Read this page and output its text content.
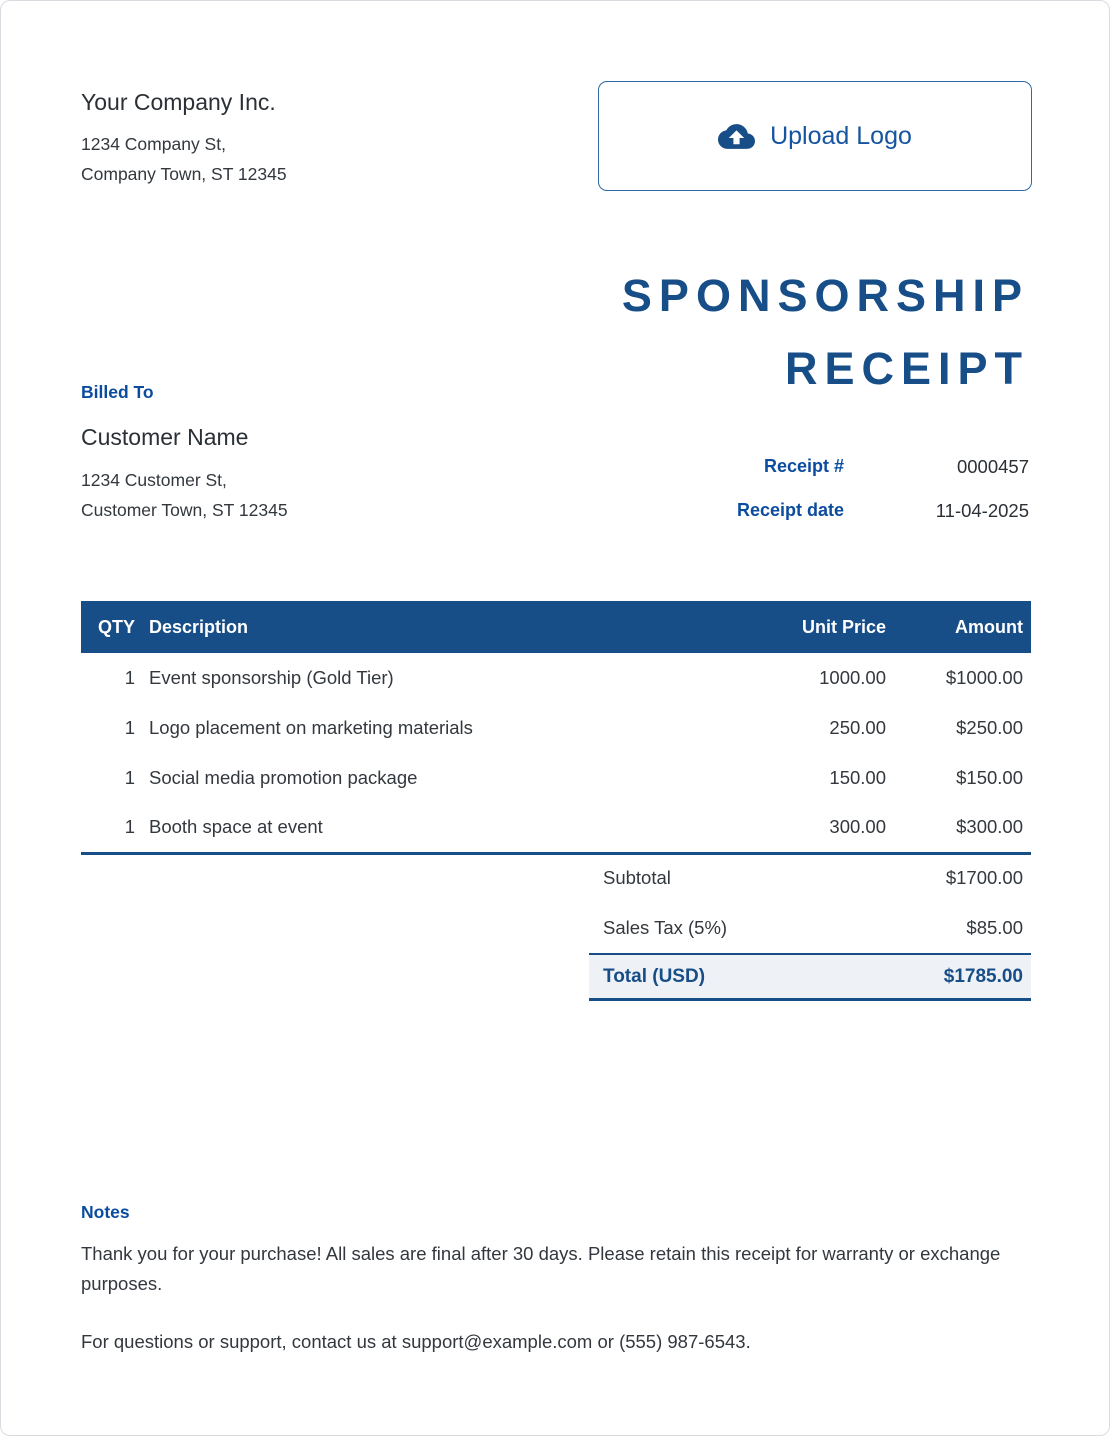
Your Company Inc.
1234 Company St,
Company Town, ST 12345
Upload Logo
SPONSORSHIP
RECEIPT
Billed To
Customer Name
1234 Customer St,
Customer Town, ST 12345
Receipt #	0000457
Receipt date	11-04-2025
QTY	Description	Unit Price	Amount
1	Event sponsorship (Gold Tier)	1000.00	$1000.00
1	Logo placement on marketing materials	250.00	$250.00
1	Social media promotion package	150.00	$150.00
1	Booth space at event	300.00	$300.00
Subtotal	$1700.00
Sales Tax (5%)	$85.00
Total (USD)	$1785.00
Notes

Thank you for your purchase! All sales are final after 30 days. Please retain this receipt for warranty or exchange purposes.

For questions or support, contact us at support@example.com or (555) 987-6543.
